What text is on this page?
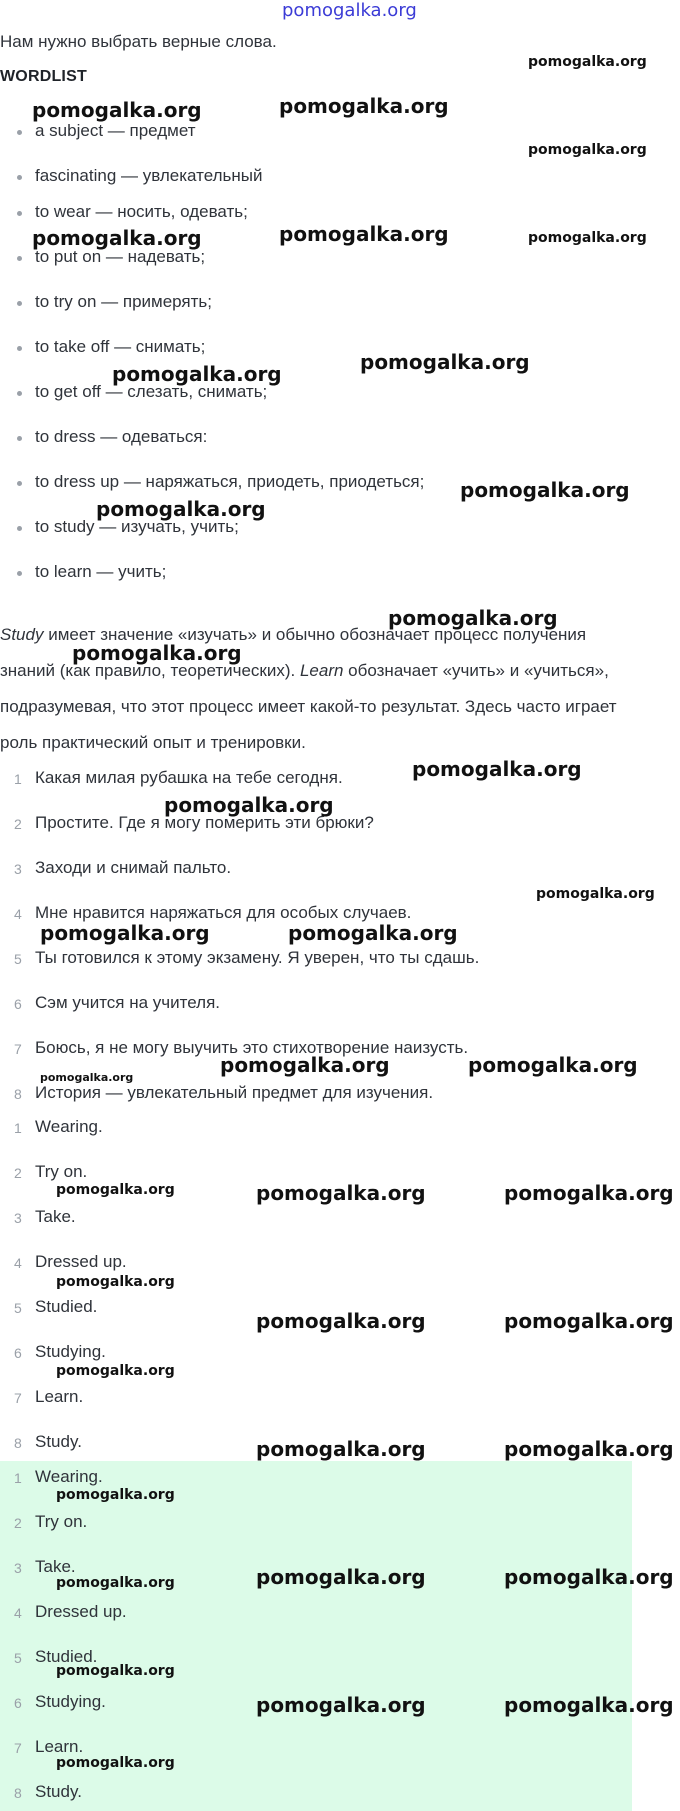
pomogalka.org
Нам нужно выбрать верные слова.
WORDLIST
a subject — предмет
fascinating — увлекательный
to wear — носить, одевать;
to put on — надевать;
to try on — примерять;
to take off — снимать;
to get off — слезать, снимать;
to dress — одеваться:
to dress up — наряжаться, приодеть, приодеться;
to study — изучать, учить;
to learn — учить;
Study имеет значение «изучать» и обычно обозначает процесс получения
знаний (как правило, теоретических). Learn обозначает «учить» и «учиться»,
подразумевая, что этот процесс имеет какой-то результат. Здесь часто играет
роль практический опыт и тренировки.
1 Какая милая рубашка на тебе сегодня.
2 Простите. Где я могу померить эти брюки?
3 Заходи и снимай пальто.
4 Мне нравится наряжаться для особых случаев.
5 Ты готовился к этому экзамену. Я уверен, что ты сдашь.
6 Сэм учится на учителя.
7 Боюсь, я не могу выучить это стихотворение наизусть.
8 История — увлекательный предмет для изучения.
1 Wearing.
2 Try on.
3 Take.
4 Dressed up.
5 Studied.
6 Studying.
7 Learn.
8 Study.
1 Wearing.
2 Try on.
3 Take.
4 Dressed up.
5 Studied.
6 Studying.
7 Learn.
8 Study.
pomogalka.org
pomogalka.org	pomogalka.org
pomogalka.org
pomogalka.org	pomogalka.org	pomogalka.org
pomogalka.org	pomogalka.org
pomogalka.org
pomogalka.org
pomogalka.org
pomogalka.org
pomogalka.org
pomogalka.org
pomogalka.org
pomogalka.org	pomogalka.org
pomogalka.org	pomogalka.org
pomogalka.org
pomogalka.org	pomogalka.org	pomogalka.org
pomogalka.org
pomogalka.org	pomogalka.org
pomogalka.org
pomogalka.org	pomogalka.org
pomogalka.org
pomogalka.org	pomogalka.org	pomogalka.org
pomogalka.org
pomogalka.org	pomogalka.org
pomogalka.org
